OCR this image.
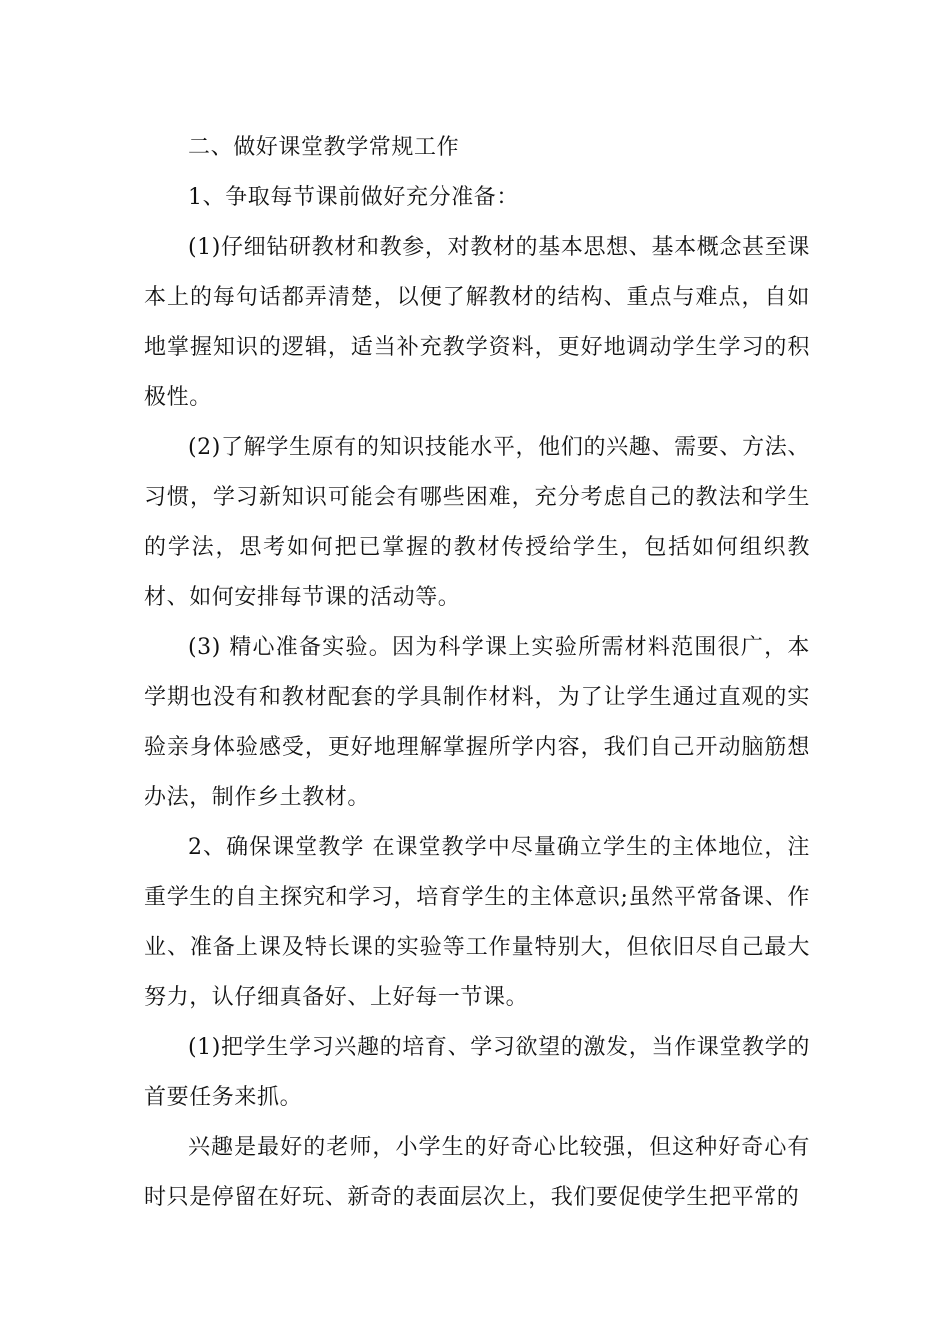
二、做好课堂教学常规工作

1、争取每节课前做好充分准备：

(1)仔细钻研教材和教参，对教材的基本思想、基本概念甚至课本上的每句话都弄清楚，以便了解教材的结构、重点与难点，自如地掌握知识的逻辑，适当补充教学资料，更好地调动学生学习的积极性。

(2)了解学生原有的知识技能水平，他们的兴趣、需要、方法、习惯，学习新知识可能会有哪些困难，充分考虑自己的教法和学生的学法，思考如何把已掌握的教材传授给学生，包括如何组织教材、如何安排每节课的活动等。

(3) 精心准备实验。因为科学课上实验所需材料范围很广，本学期也没有和教材配套的学具制作材料，为了让学生通过直观的实验亲身体验感受，更好地理解掌握所学内容，我们自己开动脑筋想办法，制作乡土教材。

2、确保课堂教学 在课堂教学中尽量确立学生的主体地位，注重学生的自主探究和学习，培育学生的主体意识;虽然平常备课、作业、准备上课及特长课的实验等工作量特别大，但依旧尽自己最大努力，认仔细真备好、上好每一节课。

(1)把学生学习兴趣的培育、学习欲望的激发，当作课堂教学的首要任务来抓。

兴趣是最好的老师，小学生的好奇心比较强，但这种好奇心有时只是停留在好玩、新奇的表面层次上，我们要促使学生把平常的
